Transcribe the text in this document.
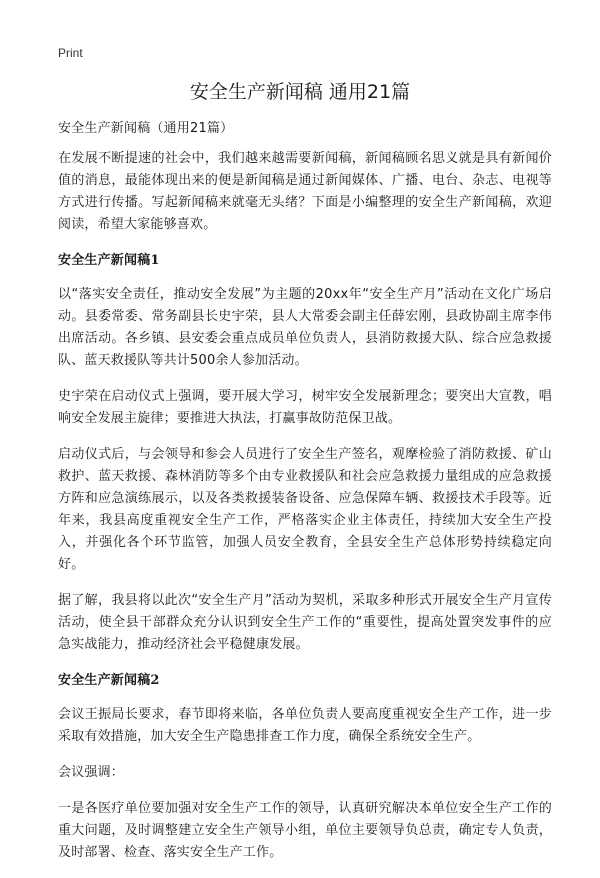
Print
安全生产新闻稿 通用21篇

安全生产新闻稿（通用21篇）

在发展不断提速的社会中，我们越来越需要新闻稿，新闻稿顾名思义就是具有新闻价值的消息，最能体现出来的便是新闻稿是通过新闻媒体、广播、电台、杂志、电视等方式进行传播。写起新闻稿来就毫无头绪？下面是小编整理的安全生产新闻稿，欢迎阅读，希望大家能够喜欢。

安全生产新闻稿1

以“落实安全责任，推动安全发展”为主题的20xx年“安全生产月”活动在文化广场启动。县委常委、常务副县长史宇荣，县人大常委会副主任薛宏刚，县政协副主席李伟出席活动。各乡镇、县安委会重点成员单位负责人，县消防救援大队、综合应急救援队、蓝天救援队等共计500余人参加活动。

史宇荣在启动仪式上强调，要开展大学习，树牢安全发展新理念；要突出大宣教，唱响安全发展主旋律；要推进大执法，打赢事故防范保卫战。

启动仪式后，与会领导和参会人员进行了安全生产签名，观摩检验了消防救援、矿山救护、蓝天救援、森林消防等多个由专业救援队和社会应急救援力量组成的应急救援方阵和应急演练展示，以及各类救援装备设备、应急保障车辆、救援技术手段等。近年来，我县高度重视安全生产工作，严格落实企业主体责任，持续加大安全生产投入，并强化各个环节监管，加强人员安全教育，全县安全生产总体形势持续稳定向好。

据了解，我县将以此次“安全生产月”活动为契机，采取多种形式开展安全生产月宣传活动，使全县干部群众充分认识到安全生产工作的“重要性，提高处置突发事件的应急实战能力，推动经济社会平稳健康发展。

安全生产新闻稿2

会议王振局长要求，春节即将来临，各单位负责人要高度重视安全生产工作，进一步采取有效措施，加大安全生产隐患排查工作力度，确保全系统安全生产。

会议强调：

一是各医疗单位要加强对安全生产工作的领导，认真研究解决本单位安全生产工作的重大问题，及时调整建立安全生产领导小组，单位主要领导负总责，确定专人负责，及时部署、检查、落实安全生产工作。
